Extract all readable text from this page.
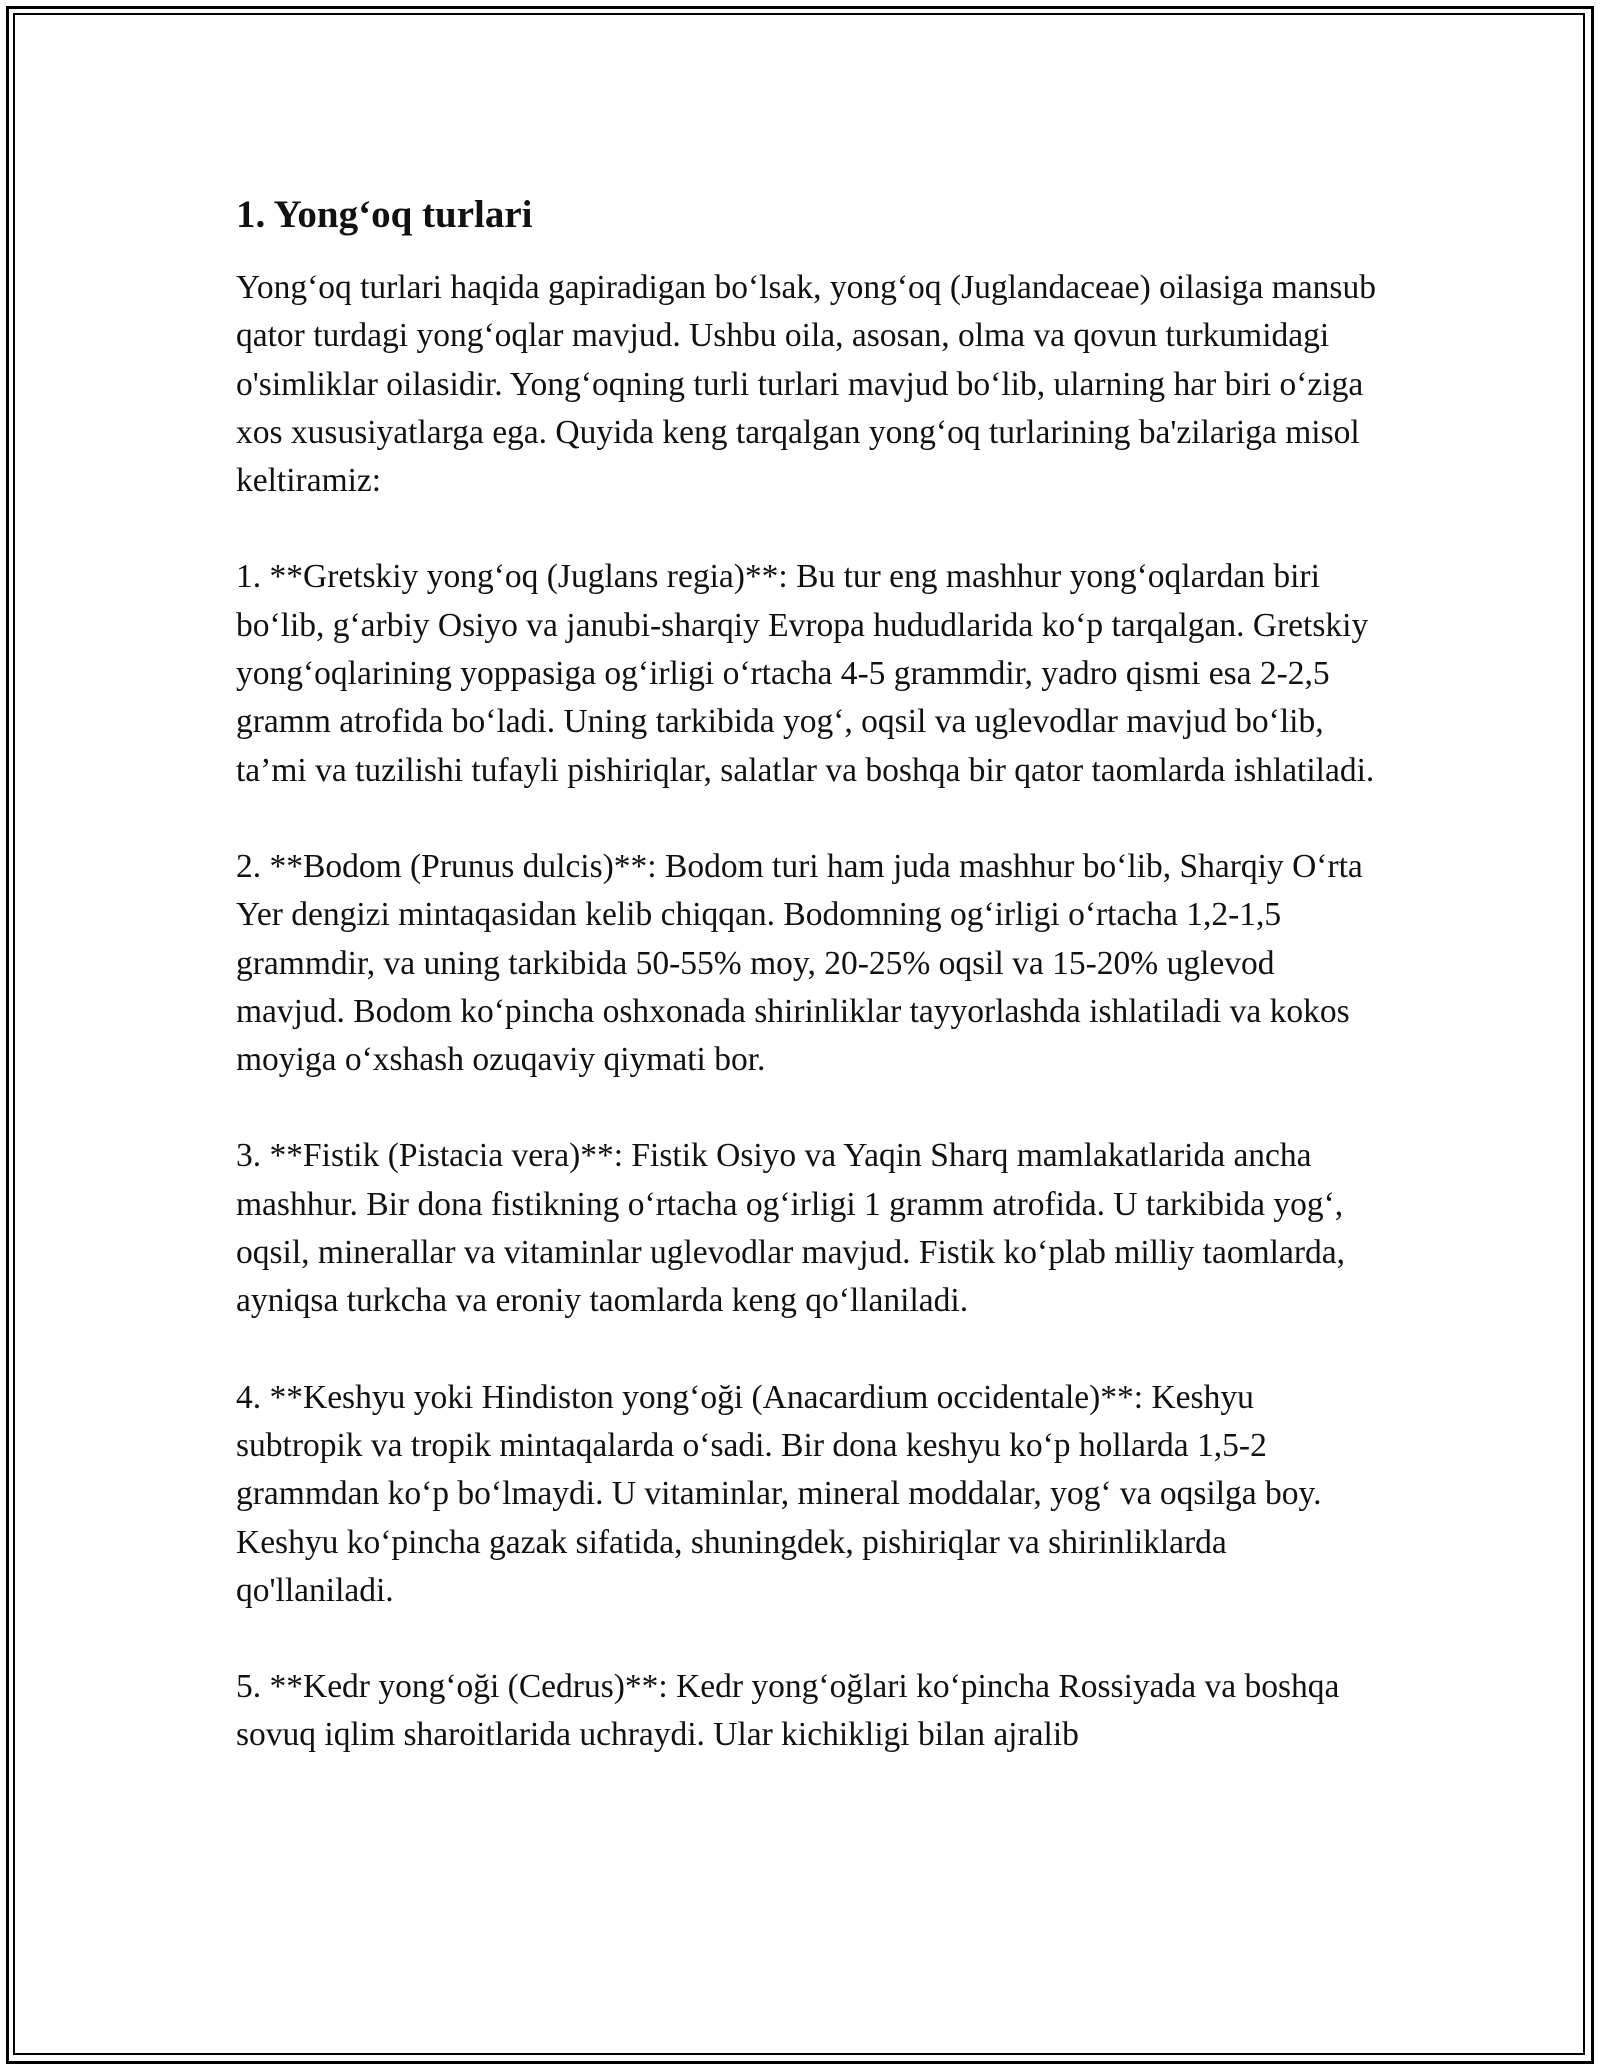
1. Yong‘oq turlari

Yong‘oq turlari haqida gapiradigan bo‘lsak, yong‘oq (Juglandaceae) oilasiga mansub qator turdagi yong‘oqlar mavjud. Ushbu oila, asosan, olma va qovun turkumidagi o'simliklar oilasidir. Yong‘oqning turli turlari mavjud bo‘lib, ularning har biri o‘ziga xos xususiyatlarga ega. Quyida keng tarqalgan yong‘oq turlarining ba'zilariga misol keltiramiz:

1. **Gretskiy yong‘oq (Juglans regia)**: Bu tur eng mashhur yong‘oqlardan biri bo‘lib, g‘arbiy Osiyo va janubi-sharqiy Evropa hududlarida ko‘p tarqalgan. Gretskiy yong‘oqlarining yoppasiga og‘irligi o‘rtacha 4-5 grammdir, yadro qismi esa 2-2,5 gramm atrofida bo‘ladi. Uning tarkibida yog‘, oqsil va uglevodlar mavjud bo‘lib, ta’mi va tuzilishi tufayli pishiriqlar, salatlar va boshqa bir qator taomlarda ishlatiladi.

2. **Bodom (Prunus dulcis)**: Bodom turi ham juda mashhur bo‘lib, Sharqiy O‘rta Yer dengizi mintaqasidan kelib chiqqan. Bodomning og‘irligi o‘rtacha 1,2-1,5 grammdir, va uning tarkibida 50-55% moy, 20-25% oqsil va 15-20% uglevod mavjud. Bodom ko‘pincha oshxonada shirinliklar tayyorlashda ishlatiladi va kokos moyiga o‘xshash ozuqaviy qiymati bor.

3. **Fistik (Pistacia vera)**: Fistik Osiyo va Yaqin Sharq mamlakatlarida ancha mashhur. Bir dona fistikning o‘rtacha og‘irligi 1 gramm atrofida. U tarkibida yog‘, oqsil, minerallar va vitaminlar uglevodlar mavjud. Fistik ko‘plab milliy taomlarda, ayniqsa turkcha va eroniy taomlarda keng qo‘llaniladi.

4. **Keshyu yoki Hindiston yong‘oği (Anacardium occidentale)**: Keshyu subtropik va tropik mintaqalarda o‘sadi. Bir dona keshyu ko‘p hollarda 1,5-2 grammdan ko‘p bo‘lmaydi. U vitaminlar, mineral moddalar, yog‘ va oqsilga boy. Keshyu ko‘pincha gazak sifatida, shuningdek, pishiriqlar va shirinliklarda qo'llaniladi.

5. **Kedr yong‘oği (Cedrus)**: Kedr yong‘oğlari ko‘pincha Rossiyada va boshqa sovuq iqlim sharoitlarida uchraydi. Ular kichikligi bilan ajralib
